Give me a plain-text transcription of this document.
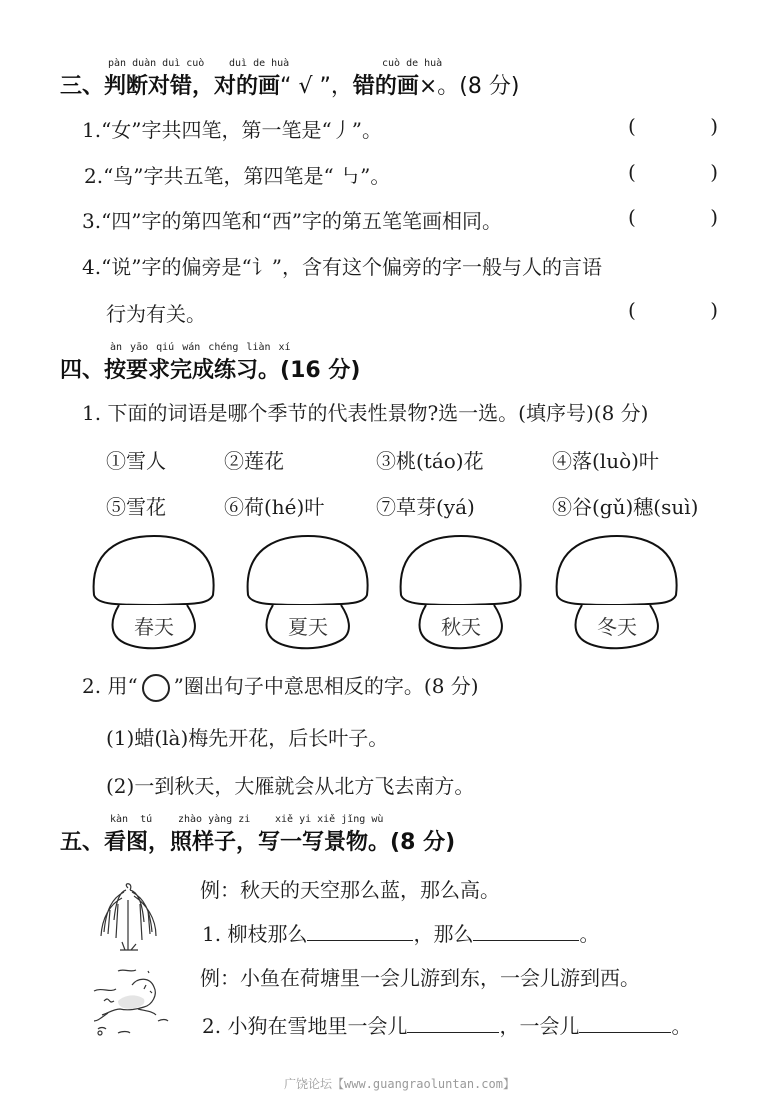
pàn duàn duì cuò duì de huà	cuò de huà
三、判断对错，对的画“ √ ”，错的画×。(8 分)
1.“女”字共四笔，第一笔是“丿”。	(	)
2.“鸟”字共五笔，第四笔是“ ㇉”。	(	)
3.“四”字的第四笔和“西”字的第五笔笔画相同。	(	)
4.“说”字的偏旁是“讠”，含有这个偏旁的字一般与人的言语
行为有关。	(	)
àn yāo qiú wán chéng liàn xí
四、按要求完成练习。(16 分)
1. 下面的词语是哪个季节的代表性景物?选一选。(填序号)(8 分)
①雪人	②莲花	③桃(táo)花	④落(luò)叶
⑤雪花	⑥荷(hé)叶	⑦草芽(yá)	⑧谷(gǔ)穗(suì)
春天	夏天	秋天	冬天
2. 用“ ”圈出句子中意思相反的字。(8 分)
(1)蜡(là)梅先开花，后长叶子。
(2)一到秋天，大雁就会从北方飞去南方。
kàn tú	zhào yàng zi xiě yi xiě jǐng wù
五、看图，照样子，写一写景物。(8 分)
例：秋天的天空那么蓝，那么高。
1. 柳枝那么	，那么	。
例：小鱼在荷塘里一会儿游到东，一会儿游到西。
2. 小狗在雪地里一会儿	，一会儿	。
广饶论坛【www.guangraoluntan.com】
